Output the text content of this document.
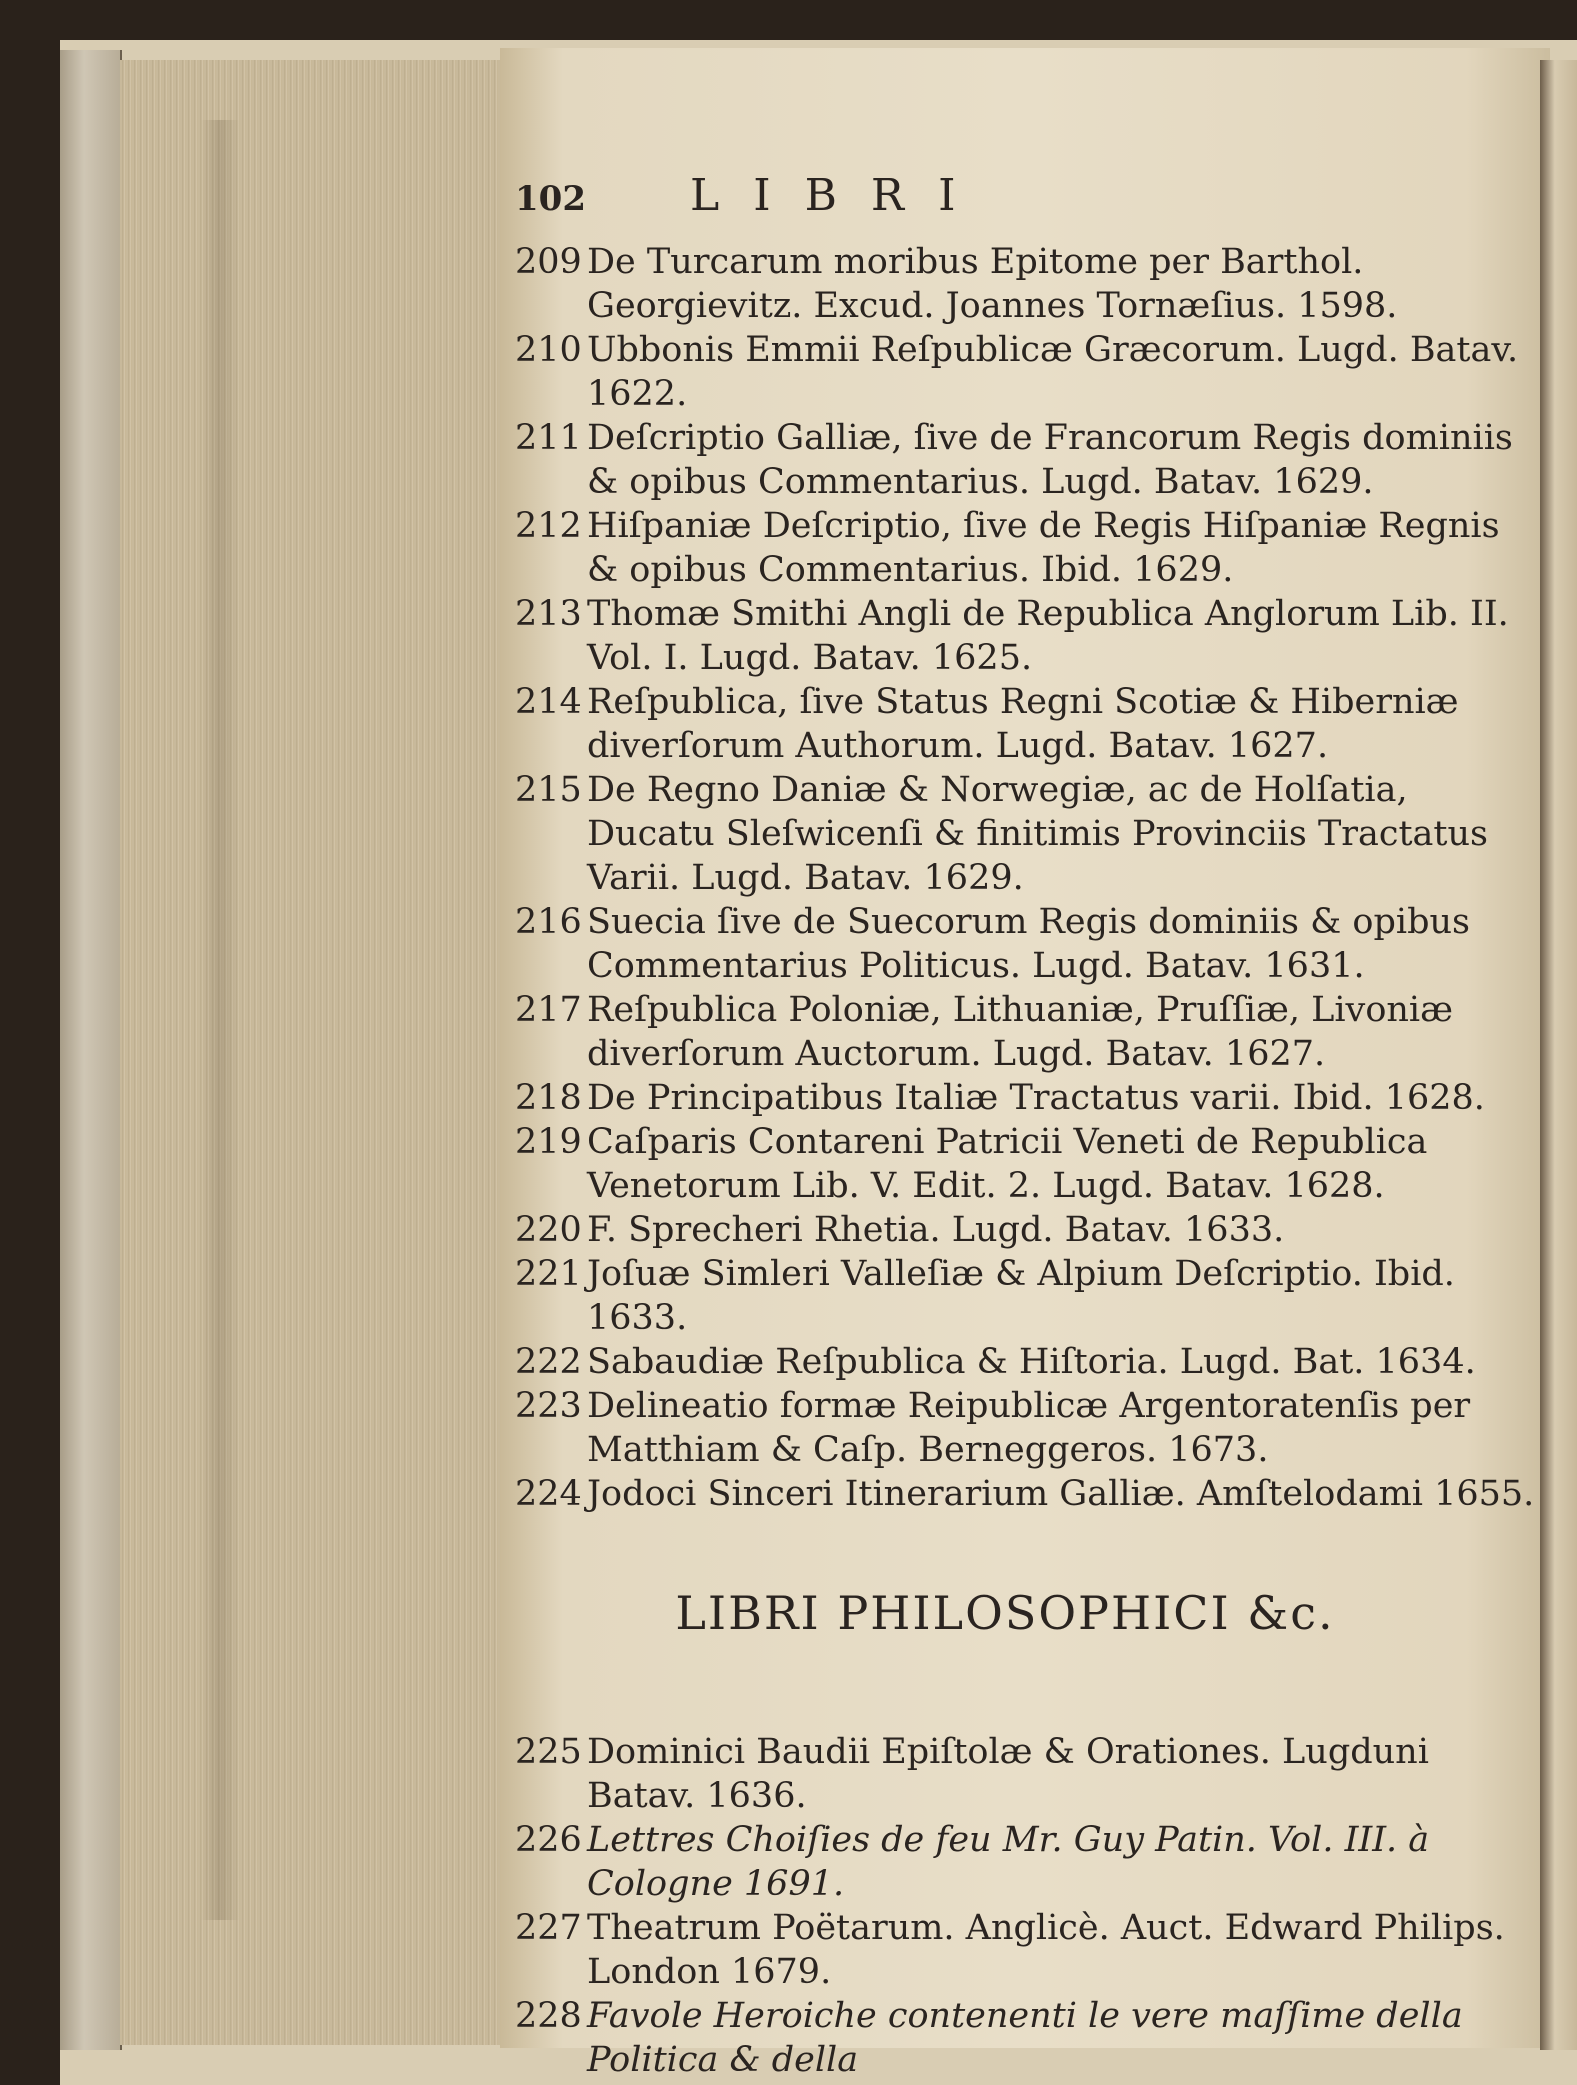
102	LIBRI
209 De Turcarum moribus Epitome per Barthol. Georgievitz. Excud. Joannes Tornæſius. 1598.
210 Ubbonis Emmii Reſpublicæ Græcorum. Lugd. Batav. 1622.
211 Deſcriptio Galliæ, ſive de Francorum Regis dominiis & opibus Commentarius. Lugd. Batav. 1629.
212 Hiſpaniæ Deſcriptio, ſive de Regis Hiſpaniæ Regnis & opibus Commentarius. Ibid. 1629.
213 Thomæ Smithi Angli de Republica Anglorum Lib. II. Vol. I. Lugd. Batav. 1625.
214 Reſpublica, ſive Status Regni Scotiæ & Hiberniæ diverſorum Authorum. Lugd. Batav. 1627.
215 De Regno Daniæ & Norwegiæ, ac de Holſatia, Ducatu Sleſwicenſi & finitimis Provinciis Tractatus Varii. Lugd. Batav. 1629.
216 Suecia ſive de Suecorum Regis dominiis & opibus Commentarius Politicus. Lugd. Batav. 1631.
217 Reſpublica Poloniæ, Lithuaniæ, Pruſſiæ, Livoniæ diverſorum Auctorum. Lugd. Batav. 1627.
218 De Principatibus Italiæ Tractatus varii. Ibid. 1628.
219 Caſparis Contareni Patricii Veneti de Republica Venetorum Lib. V. Edit. 2. Lugd. Batav. 1628.
220 F. Sprecheri Rhetia. Lugd. Batav. 1633.
221 Joſuæ Simleri Valleſiæ & Alpium Deſcriptio. Ibid. 1633.
222 Sabaudiæ Reſpublica & Hiſtoria. Lugd. Bat. 1634.
223 Delineatio formæ Reipublicæ Argentoratenſis per Matthiam & Caſp. Berneggeros. 1673.
224 Jodoci Sinceri Itinerarium Galliæ. Amſtelodami 1655.
LIBRI PHILOSOPHICI &c.
225 Dominici Baudii Epiſtolæ & Orationes. Lugduni Batav. 1636.
226 Lettres Choiſies de feu Mr. Guy Patin. Vol. III. à Cologne 1691.
227 Theatrum Poëtarum. Anglicè. Auct. Edward Philips. London 1679.
228 Favole Heroiche contenenti le vere maſſime della Politica & della
